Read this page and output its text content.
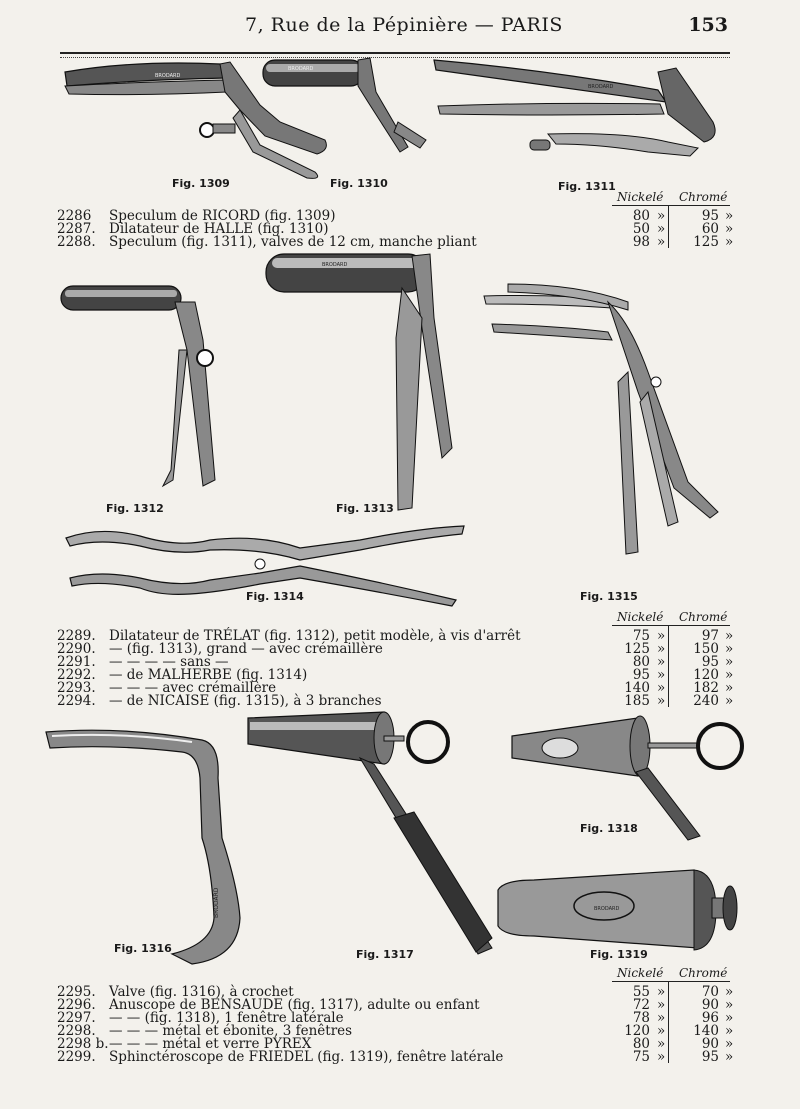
7, Rue de la Pépinière — PARIS	153
BRODARD
BRODARD
BRODARD
Fig. 1309	Fig. 1310	Fig. 1311
Nickelé Chromé
2286	Speculum de RICORD (fig. 1309)	80 »	95 »
2287. Dilatateur de HALLE (fig. 1310)	50 »	60 »
2288. Speculum (fig. 1311), valves de 12 cm, manche pliant	98 » 125 »
BRODARD
Fig. 1312	Fig. 1313
Fig. 1314	Fig. 1315
Nickelé Chromé
2289. Dilatateur de TRÉLAT (fig. 1312), petit modèle, à vis d'arrêt	75 »	97 »
2290. — (fig. 1313), grand — avec crémaillère	125 » 150 »
2291. — — — — sans —	80 »	95 »
2292. — de MALHERBE (fig. 1314)	95 » 120 »
2293. — — — avec crémaillère	140 » 182 »
2294. — de NICAISE (fig. 1315), à 3 branches	185 » 240 »
BRODARD	BRODARD
Fig. 1318
Fig. 1316	Fig. 1317	Fig. 1319
Nickelé Chromé
2295. Valve (fig. 1316), à crochet	55 »	70 »
2296. Anuscope de BENSAUDE (fig. 1317), adulte ou enfant	72 »	90 »
2297. — — (fig. 1318), 1 fenêtre latérale	78 »	96 »
2298. — — — métal et ébonite, 3 fenêtres	120 » 140 »
2298 b. — — — métal et verre PYREX	80 »	90 »
2299. Sphinctéroscope de FRIEDEL (fig. 1319), fenêtre latérale	75 »	95 »
